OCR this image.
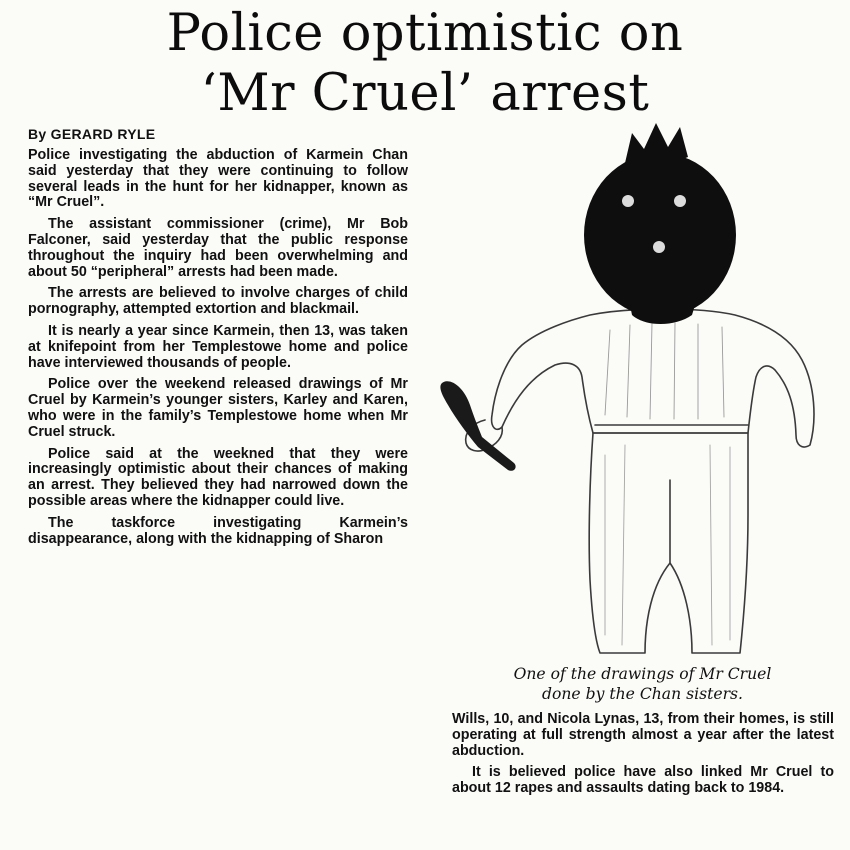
Police optimistic on
‘Mr Cruel’ arrest
By GERARD RYLE

Police investigating the abduction of Karmein Chan said yesterday that they were continuing to follow several leads in the hunt for her kidnapper, known as “Mr Cruel”.

The assistant commissioner (crime), Mr Bob Falconer, said yesterday that the public response throughout the inquiry had been overwhelming and about 50 “peripheral” arrests had been made.

The arrests are believed to involve charges of child pornography, attempted extortion and blackmail.

It is nearly a year since Karmein, then 13, was taken at knifepoint from her Templestowe home and police have interviewed thousands of people.

Police over the weekend released drawings of Mr Cruel by Karmein’s younger sisters, Karley and Karen, who were in the family’s Templestowe home when Mr Cruel struck.

Police said at the weekned that they were increasingly optimistic about their chances of making an arrest. They believed they had narrowed down the possible areas where the kidnapper could live.

The taskforce investigating Karmein’s disappearance, along with the kidnapping of Sharon

One of the drawings of Mr Cruel
done by the Chan sisters.

Wills, 10, and Nicola Lynas, 13, from their homes, is still operating at full strength almost a year after the latest abduction.

It is believed police have also linked Mr Cruel to about 12 rapes and assaults dating back to 1984.
